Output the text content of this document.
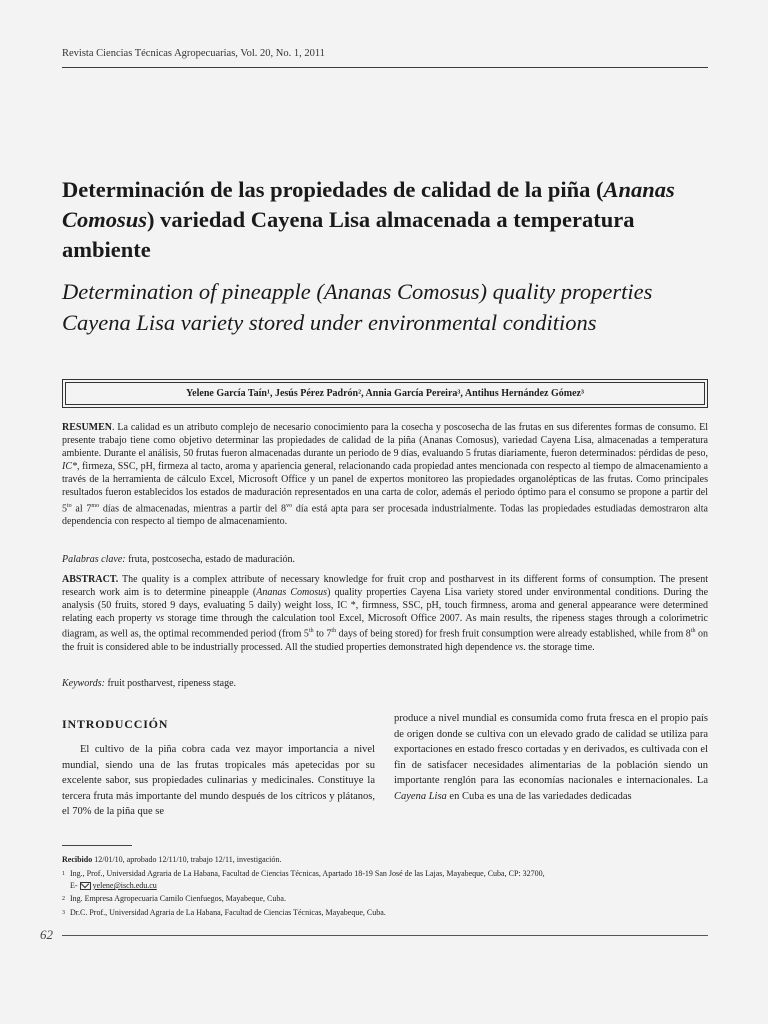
Revista Ciencias Técnicas Agropecuarias, Vol. 20, No. 1, 2011
Determinación de las propiedades de calidad de la piña (Ananas Comosus) variedad Cayena Lisa almacenada a temperatura ambiente
Determination of pineapple (Ananas Comosus) quality properties Cayena Lisa variety stored under environmental conditions
Yelene García Taín¹, Jesús Pérez Padrón², Annia García Pereira³, Antihus Hernández Gómez³
RESUMEN. La calidad es un atributo complejo de necesario conocimiento para la cosecha y poscosecha de las frutas en sus diferentes formas de consumo. El presente trabajo tiene como objetivo determinar las propiedades de calidad de la piña (Ananas Comosus), variedad Cayena Lisa, almacenadas a temperatura ambiente. Durante el análisis, 50 frutas fueron almacenadas durante un periodo de 9 días, evaluando 5 frutas diariamente, fueron determinados: pérdidas de peso, IC*, firmeza, SSC, pH, firmeza al tacto, aroma y apariencia general, relacionando cada propiedad antes mencionada con respecto al tiempo de almacenamiento a través de la herramienta de cálculo Excel, Microsoft Office y un panel de expertos monitoreo las propiedades organolépticas de las frutas. Como principales resultados fueron establecidos los estados de maduración representados en una carta de color, además el periodo óptimo para el consumo se propone a partir del $5^{to}$ al $7^{mo}$ días de almacenadas, mientras a partir del $8^{vo}$ día está apta para ser procesada industrialmente. Todas las propiedades estudiadas demostraron alta dependencia con respecto al tiempo de almacenamiento.
Palabras clave: fruta, postcosecha, estado de maduración.
ABSTRACT. The quality is a complex attribute of necessary knowledge for fruit crop and postharvest in its different forms of consumption. The present research work aim is to determine pineapple (Ananas Comosus) quality properties Cayena Lisa variety stored under environmental conditions. During the analysis (50 fruits, stored 9 days, evaluating 5 daily) weight loss, IC *, firmness, SSC, pH, touch firmness, aroma and general appearance were determined relating each property vs storage time through the calculation tool Excel, Microsoft Office 2007. As main results, the ripeness stages through a colorimetric diagram, as well as, the optimal recommended period (from 5th to 7th days of being stored) for fresh fruit consumption were already established, while from 8th on the fruit is considered able to be industrially processed. All the studied properties demonstrated high dependence vs. the storage time.
Keywords: fruit postharvest, ripeness stage.
INTRODUCCIÓN
El cultivo de la piña cobra cada vez mayor importancia a nivel mundial, siendo una de las frutas tropicales más apetecidas por su excelente sabor, sus propiedades culinarias y medicinales. Constituye la tercera fruta más importante del mundo después de los cítricos y plátanos, el 70% de la piña que se
produce a nivel mundial es consumida como fruta fresca en el propio país de origen donde se cultiva con un elevado grado de calidad se utiliza para exportaciones en estado fresco cortadas y en derivados, es cultivada con el fin de satisfacer necesidades alimentarias de la población siendo un importante renglón para las economías nacionales e internacionales. La Cayena Lisa en Cuba es una de las variedades dedicadas
Recibido 12/01/10, aprobado 12/11/10, trabajo 12/11, investigación.
1 Ing., Prof., Universidad Agraria de La Habana, Facultad de Ciencias Técnicas, Apartado 18-19 San José de las Lajas, Mayabeque, Cuba, CP: 32700,
E- yelene@isch.edu.cu
2 Ing. Empresa Agropecuaria Camilo Cienfuegos, Mayabeque, Cuba.
3 Dr.C. Prof., Universidad Agraria de La Habana, Facultad de Ciencias Técnicas, Mayabeque, Cuba.
62
